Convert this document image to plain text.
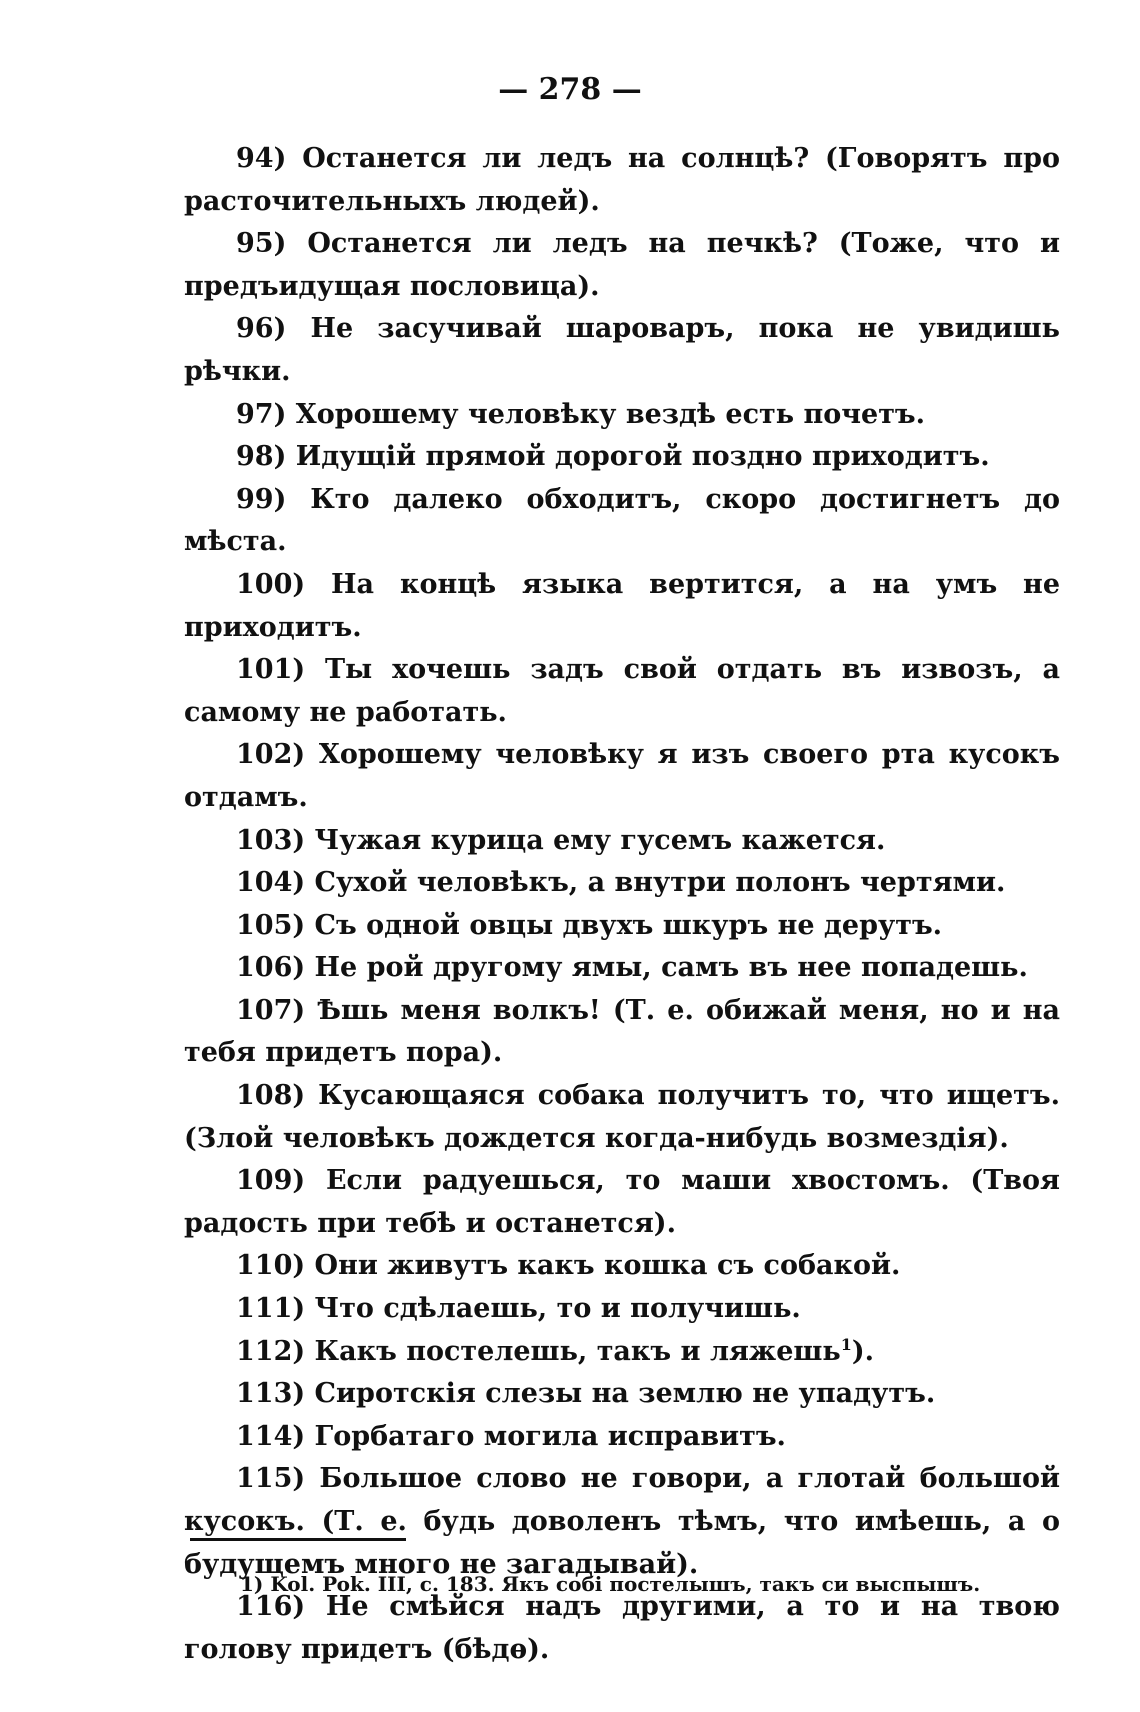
— 278 —

94) Останется ли ледъ на солнцѣ? (Говорятъ про расточительныхъ людей).

95) Останется ли ледъ на печкѣ? (Тоже, что и предъидущая пословица).

96) Не засучивай шароваръ, пока не увидишь рѣчки.

97) Хорошему человѣку вездѣ есть почетъ.

98) Идущiй прямой дорогой поздно приходитъ.

99) Кто далеко обходитъ, скоро достигнетъ до мѣста.

100) На концѣ языка вертится, а на умъ не приходитъ.

101) Ты хочешь задъ свой отдать въ извозъ, а самому не работать.

102) Хорошему человѣку я изъ своего рта кусокъ отдамъ.

103) Чужая курица ему гусемъ кажется.

104) Сухой человѣкъ, а внутри полонъ чертями.

105) Съ одной овцы двухъ шкуръ не дерутъ.

106) Не рой другому ямы, самъ въ нее попадешь.

107) Ѣшь меня волкъ! (Т. е. обижай меня, но и на тебя придетъ пора).

108) Кусающаяся собака получитъ то, что ищетъ. (Злой человѣкъ дождется когда-нибудь возмездiя).

109) Если радуешься, то маши хвостомъ. (Твоя радость при тебѣ и останется).

110) Они живутъ какъ кошка съ собакой.

111) Что сдѣлаешь, то и получишь.

112) Какъ постелешь, такъ и ляжешь$^1$).

113) Сиротскiя слезы на землю не упадутъ.

114) Горбатаго могила исправитъ.

115) Большое слово не говори, а глотай большой кусокъ. (Т. е. будь доволенъ тѣмъ, что имѣешь, а о будущемъ много не загадывай).

116) Не смѣйся надъ другими, а то и на твою голову придетъ (бѣдѳ).

1) Kol. Pok. III, c. 183. Якъ собі постелышъ, такъ си выспышъ.
